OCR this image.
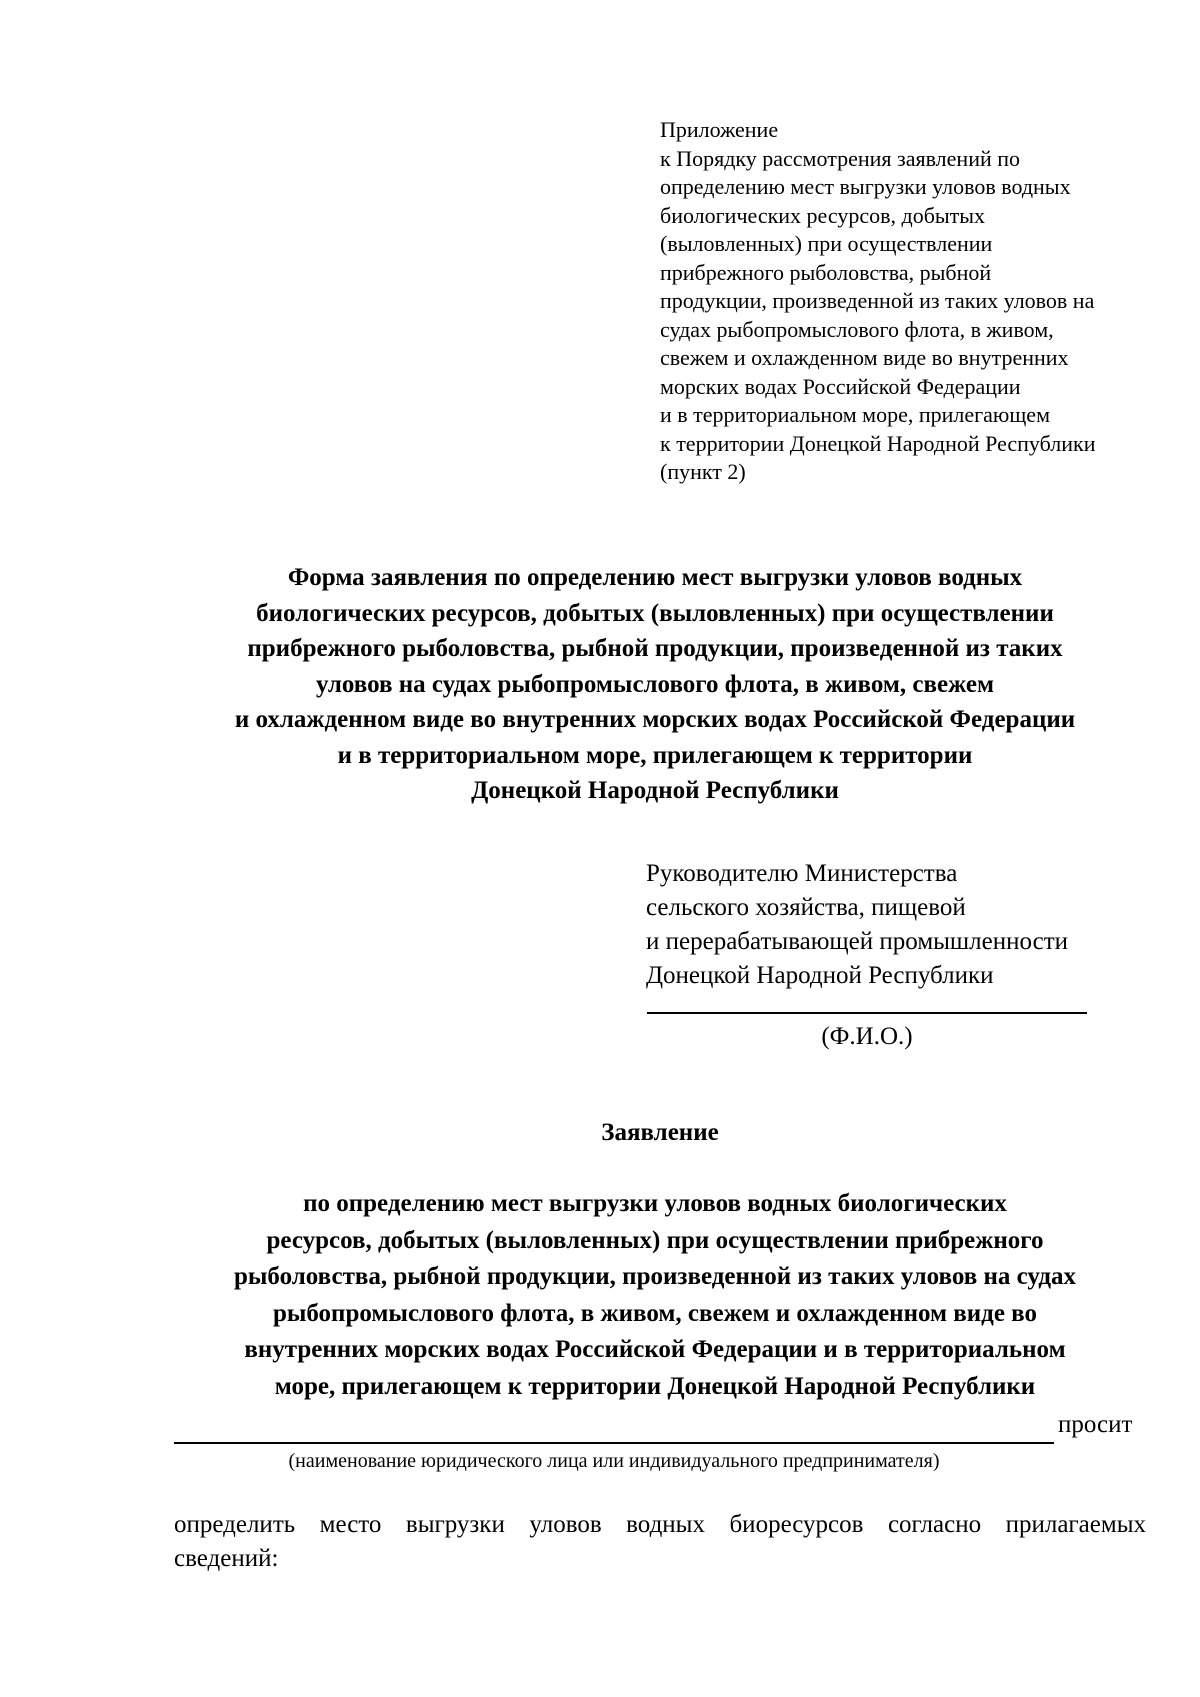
Приложение
к Порядку рассмотрения заявлений по
определению мест выгрузки уловов водных
биологических ресурсов, добытых
(выловленных) при осуществлении
прибрежного рыболовства, рыбной
продукции, произведенной из таких уловов на
судах рыбопромыслового флота, в живом,
свежем и охлажденном виде во внутренних
морских водах Российской Федерации
и в территориальном море, прилегающем
к территории Донецкой Народной Республики
(пункт 2)
Форма заявления по определению мест выгрузки уловов водных
биологических ресурсов, добытых (выловленных) при осуществлении
прибрежного рыболовства, рыбной продукции, произведенной из таких
уловов на судах рыбопромыслового флота, в живом, свежем
и охлажденном виде во внутренних морских водах Российской Федерации
и в территориальном море, прилегающем к территории
Донецкой Народной Республики
Руководителю Министерства
сельского хозяйства, пищевой
и перерабатывающей промышленности
Донецкой Народной Республики
(Ф.И.О.)
Заявление
по определению мест выгрузки уловов водных биологических
ресурсов, добытых (выловленных) при осуществлении прибрежного
рыболовства, рыбной продукции, произведенной из таких уловов на судах
рыбопромыслового флота, в живом, свежем и охлажденном виде во
внутренних морских водах Российской Федерации и в территориальном
море, прилегающем к территории Донецкой Народной Республики
просит
(наименование юридического лица или индивидуального предпринимателя)
определить место выгрузки уловов водных биоресурсов согласно прилагаемых
сведений:
